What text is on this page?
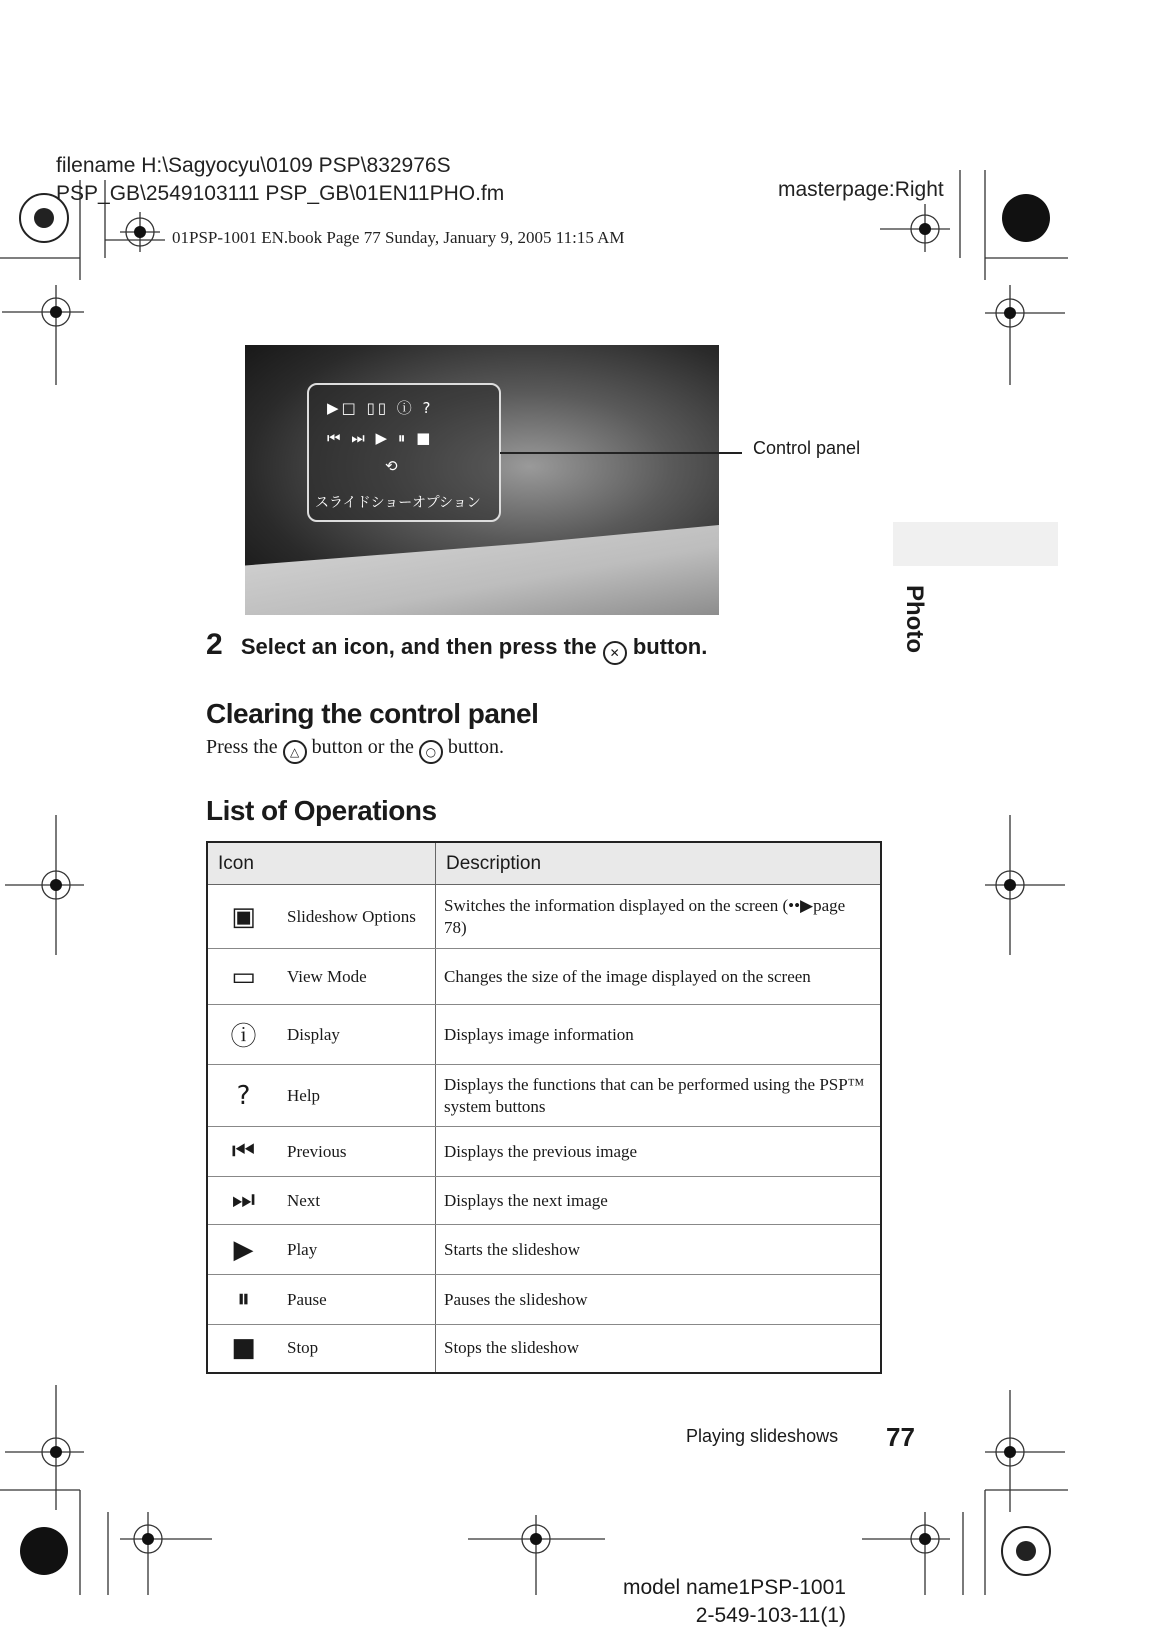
filename H:\Sagyocyu\0109 PSP\832976S
PSP_GB\2549103111 PSP_GB\01EN11PHO.fm	masterpage:Right
01PSP-1001 EN.book Page 77 Sunday, January 9, 2005 11:15 AM
▶□ ▯▯ ⓘ ?
⏮ ⏭ ▶ ⏸ ■
⟲
スライドショーオプション
Control panel
Photo
2 Select an icon, and then press the ✕ button.
Clearing the control panel
Press the △ button or the ○ button.
List of Operations
Icon		Description
▣	Slideshow Options	Switches the information displayed on the screen (••▶page 78)
▭	View Mode	Changes the size of the image displayed on the screen
ⓘ	Display	Displays image information
?	Help	Displays the functions that can be performed using the PSP™ system buttons
⏮	Previous	Displays the previous image
⏭	Next	Displays the next image
▶	Play	Starts the slideshow
⏸	Pause	Pauses the slideshow
■	Stop	Stops the slideshow
Playing slideshows 77
model name1PSP-1001
2-549-103-11(1)
